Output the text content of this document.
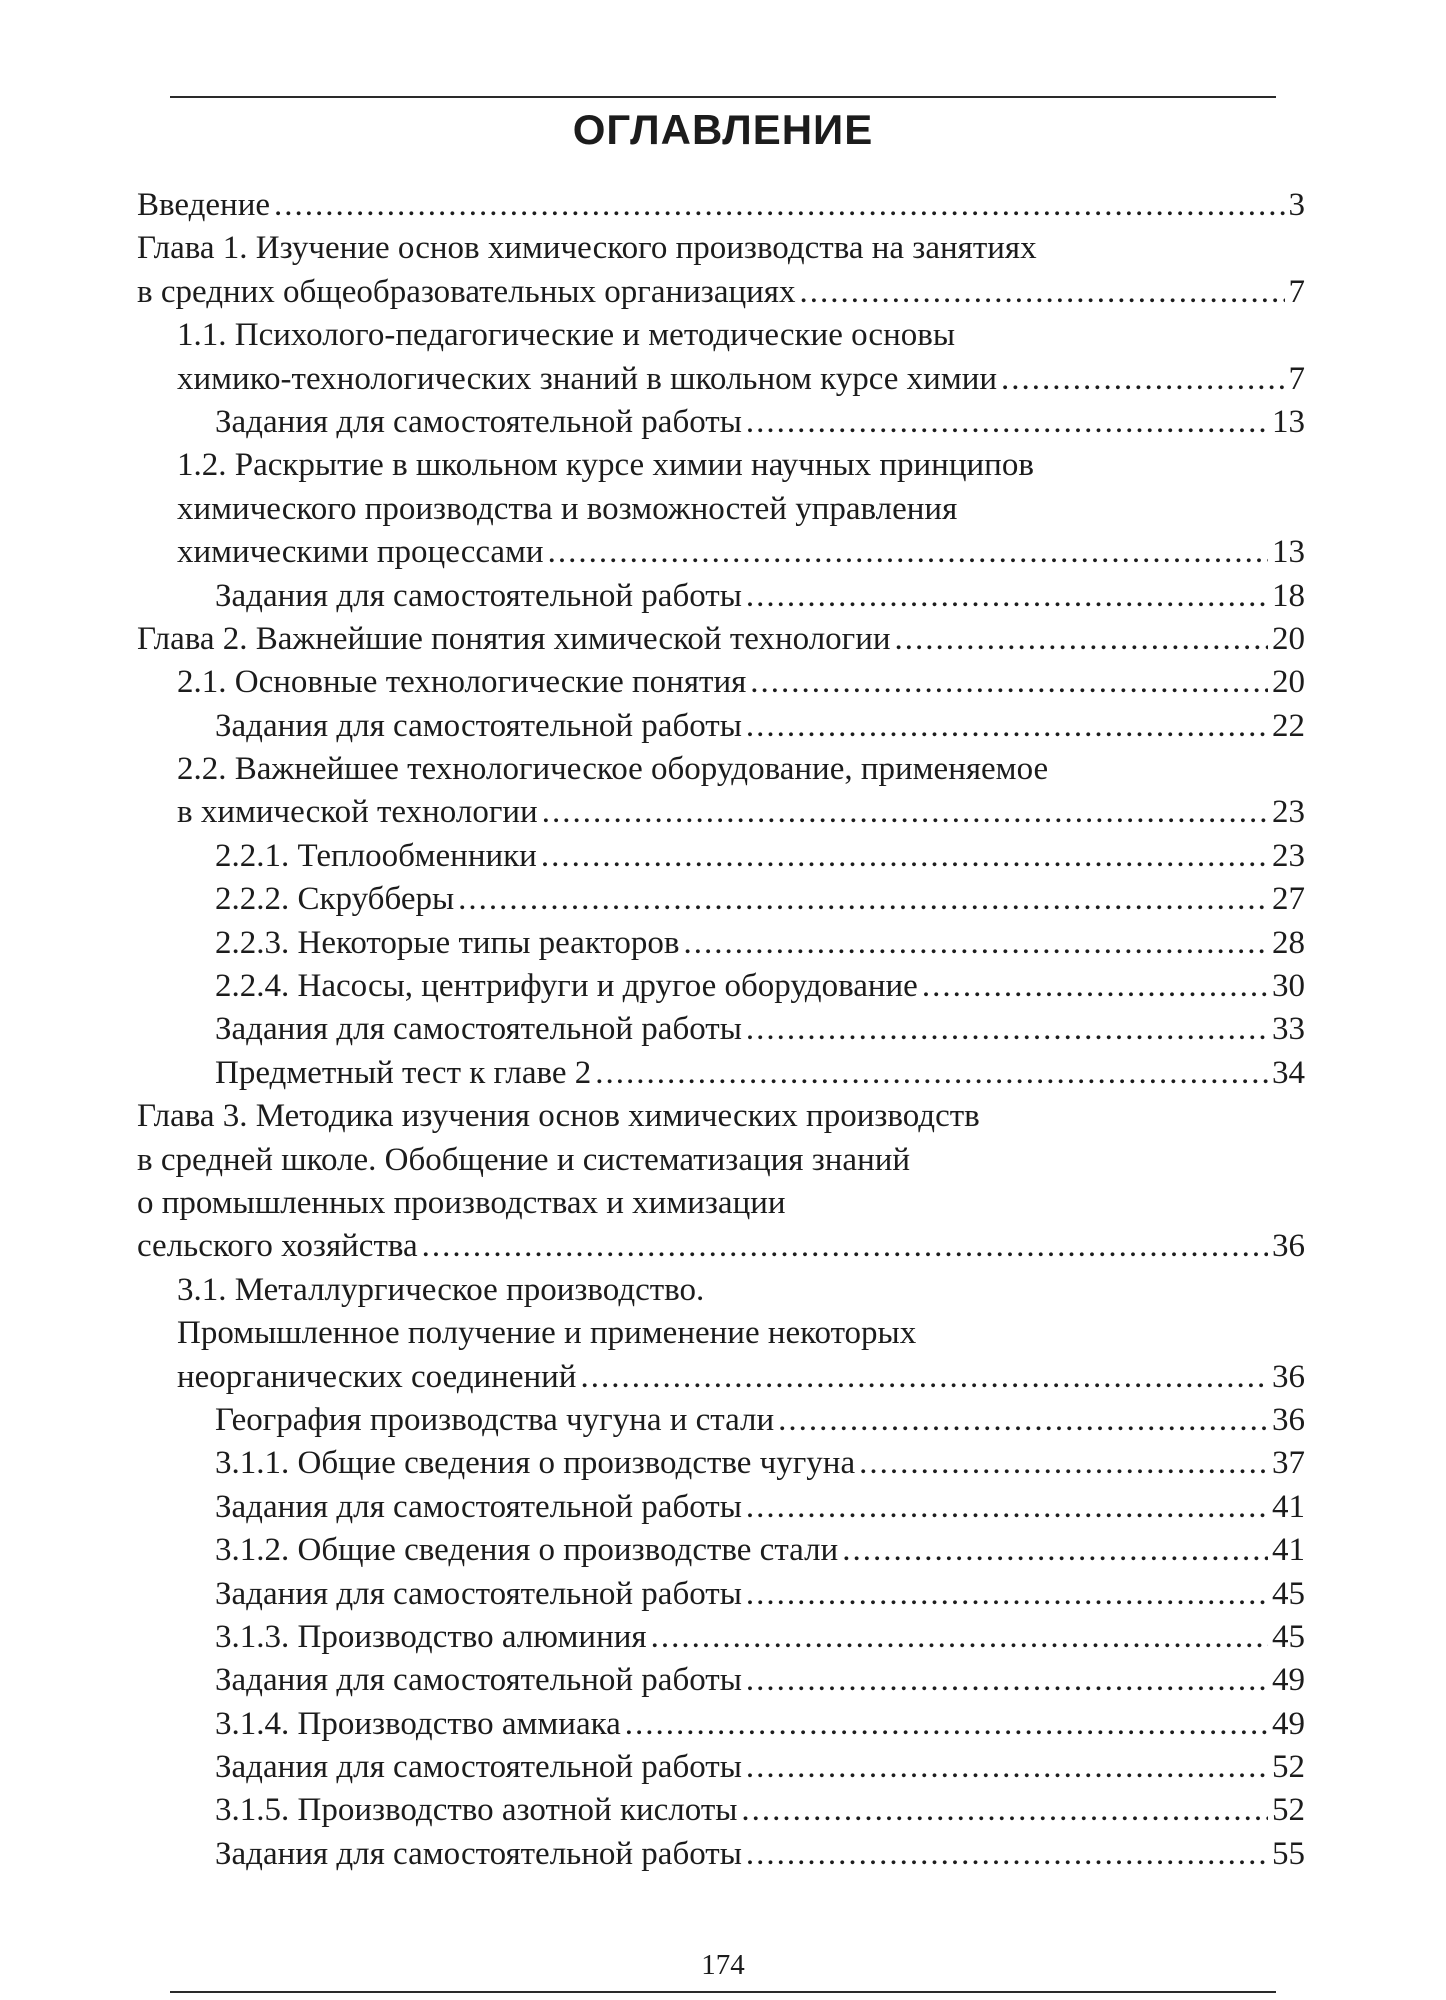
ОГЛАВЛЕНИЕ
Введение .....	3
Глава 1. Изучение основ химического производства на занятиях
в средних общеобразовательных организациях .....	7
1.1. Психолого-педагогические и методические основы
химико-технологических знаний в школьном курсе химии .....	7
Задания для самостоятельной работы .....	13
1.2. Раскрытие в школьном курсе химии научных принципов
химического производства и возможностей управления
химическими процессами .....	13
Задания для самостоятельной работы .....	18
Глава 2. Важнейшие понятия химической технологии .....	20
2.1. Основные технологические понятия .....	20
Задания для самостоятельной работы .....	22
2.2. Важнейшее технологическое оборудование, применяемое
в химической технологии .....	23
2.2.1. Теплообменники .....	23
2.2.2. Скрубберы .....	27
2.2.3. Некоторые типы реакторов .....	28
2.2.4. Насосы, центрифуги и другое оборудование .....	30
Задания для самостоятельной работы .....	33
Предметный тест к главе 2 .....	34
Глава 3. Методика изучения основ химических производств
в средней школе. Обобщение и систематизация знаний
о промышленных производствах и химизации
сельского хозяйства .....	36
3.1. Металлургическое производство.
Промышленное получение и применение некоторых
неорганических соединений .....	36
География производства чугуна и стали .....	36
3.1.1. Общие сведения о производстве чугуна .....	37
Задания для самостоятельной работы .....	41
3.1.2. Общие сведения о производстве стали .....	41
Задания для самостоятельной работы .....	45
3.1.3. Производство алюминия .....	45
Задания для самостоятельной работы .....	49
3.1.4. Производство аммиака .....	49
Задания для самостоятельной работы .....	52
3.1.5. Производство азотной кислоты .....	52
Задания для самостоятельной работы .....	55
174
